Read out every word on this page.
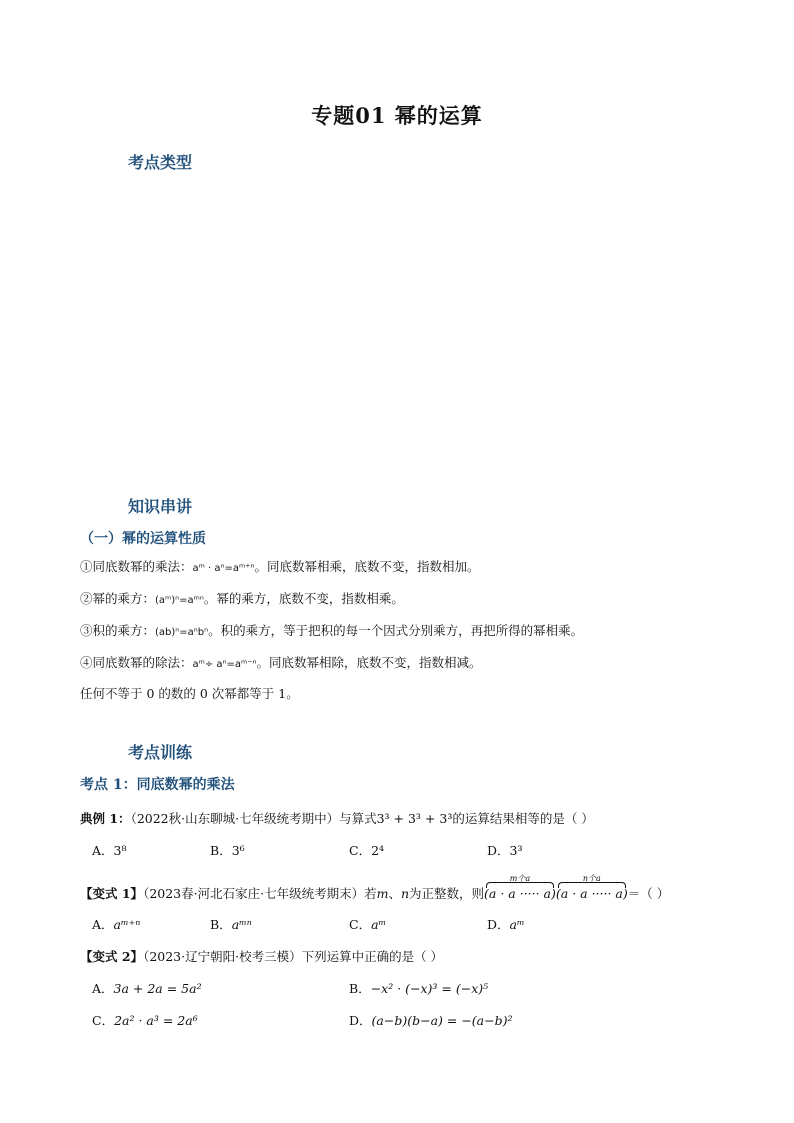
专题01 幂的运算
考点类型
知识串讲
（一）幂的运算性质
①同底数幂的乘法：aᵐ · aⁿ=aᵐ⁺ⁿ。同底数幂相乘，底数不变，指数相加。
②幂的乘方：(aᵐ)ⁿ=aᵐⁿ。幂的乘方，底数不变，指数相乘。
③积的乘方：(ab)ⁿ=aⁿbⁿ。积的乘方，等于把积的每一个因式分别乘方，再把所得的幂相乘。
④同底数幂的除法：aᵐ÷ aⁿ=aᵐ⁻ⁿ。同底数幂相除，底数不变，指数相减。
任何不等于 0 的数的 0 次幂都等于 1。
考点训练
考点 1：同底数幂的乘法
典例 1：（2022秋·山东聊城·七年级统考期中）与算式3³ + 3³ + 3³的运算结果相等的是（ ）
A．3⁸	B．3⁶	C．2⁴	D．3³
【变式 1】（2023春·河北石家庄·七年级统考期末）若m、n为正整数，则
m个a
(a · a ····· a)
n个a
(a · a ····· a)＝（ ）
A．aᵐ⁺ⁿ	B．aᵐⁿ	C．aᵐ	D．aᵐ
【变式 2】（2023·辽宁朝阳·校考三模）下列运算中正确的是（ ）
A．3a + 2a = 5a²	B．−x² · (−x)³ = (−x)⁵
C．2a² · a³ = 2a⁶	D．(a−b)(b−a) = −(a−b)²
